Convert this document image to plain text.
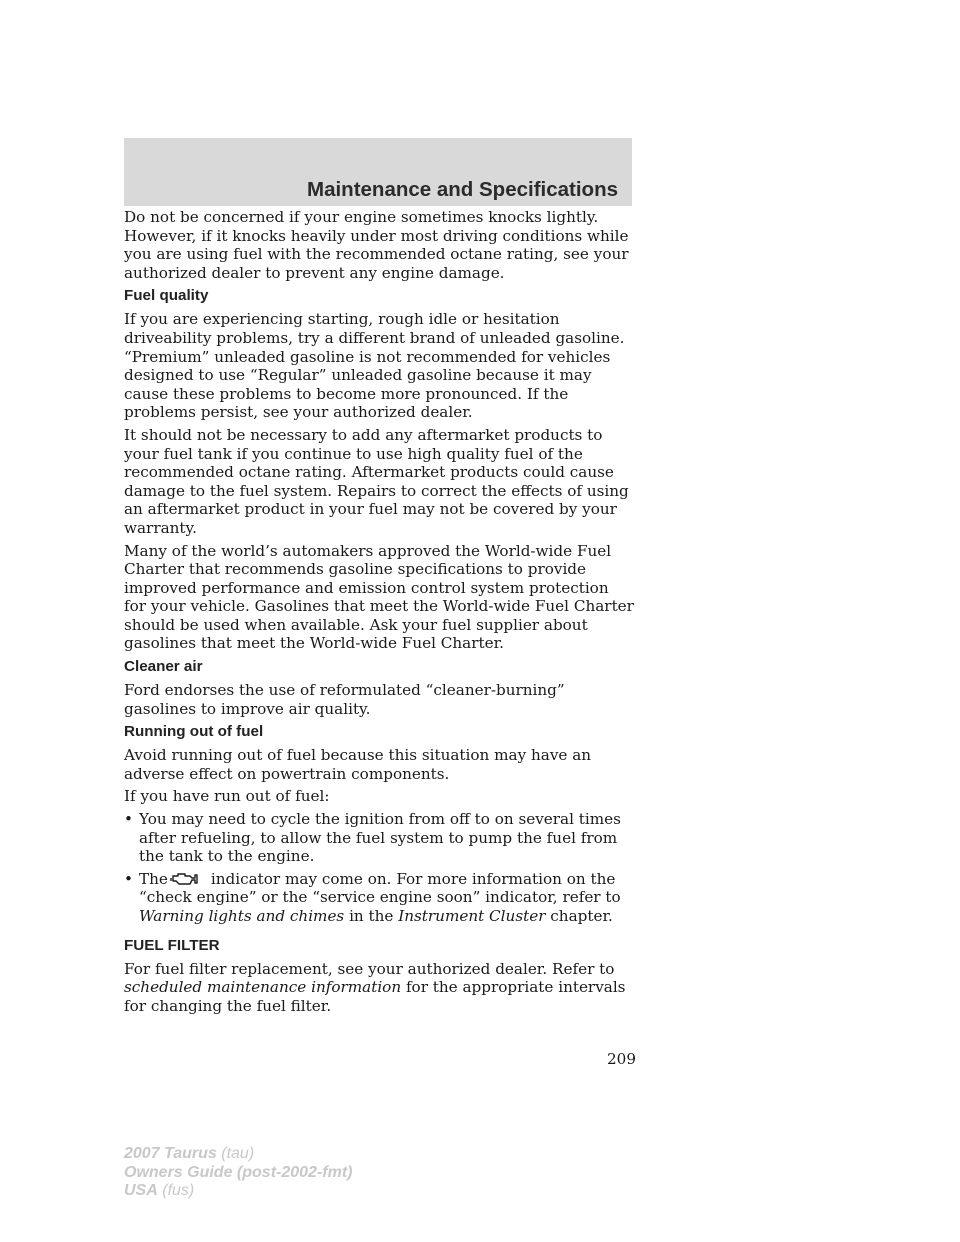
Maintenance and Specifications

Do not be concerned if your engine sometimes knocks lightly. However, if it knocks heavily under most driving conditions while you are using fuel with the recommended octane rating, see your authorized dealer to prevent any engine damage.

Fuel quality

If you are experiencing starting, rough idle or hesitation driveability problems, try a different brand of unleaded gasoline. “Premium” unleaded gasoline is not recommended for vehicles designed to use “Regular” unleaded gasoline because it may cause these problems to become more pronounced. If the problems persist, see your authorized dealer.

It should not be necessary to add any aftermarket products to your fuel tank if you continue to use high quality fuel of the recommended octane rating. Aftermarket products could cause damage to the fuel system. Repairs to correct the effects of using an aftermarket product in your fuel may not be covered by your warranty.

Many of the world’s automakers approved the World-wide Fuel Charter that recommends gasoline specifications to provide improved performance and emission control system protection for your vehicle. Gasolines that meet the World-wide Fuel Charter should be used when available. Ask your fuel supplier about gasolines that meet the World-wide Fuel Charter.

Cleaner air

Ford endorses the use of reformulated “cleaner-burning” gasolines to improve air quality.

Running out of fuel

Avoid running out of fuel because this situation may have an adverse effect on powertrain components.

If you have run out of fuel:

• You may need to cycle the ignition from off to on several times after refueling, to allow the fuel system to pump the fuel from the tank to the engine.
• The	indicator may come on. For more information on the “check engine” or the “service engine soon” indicator, refer to Warning lights and chimes in the Instrument Cluster chapter.
FUEL FILTER

For fuel filter replacement, see your authorized dealer. Refer to scheduled maintenance information for the appropriate intervals for changing the fuel filter.

209
2007 Taurus (tau)
Owners Guide (post-2002-fmt)
USA (fus)
